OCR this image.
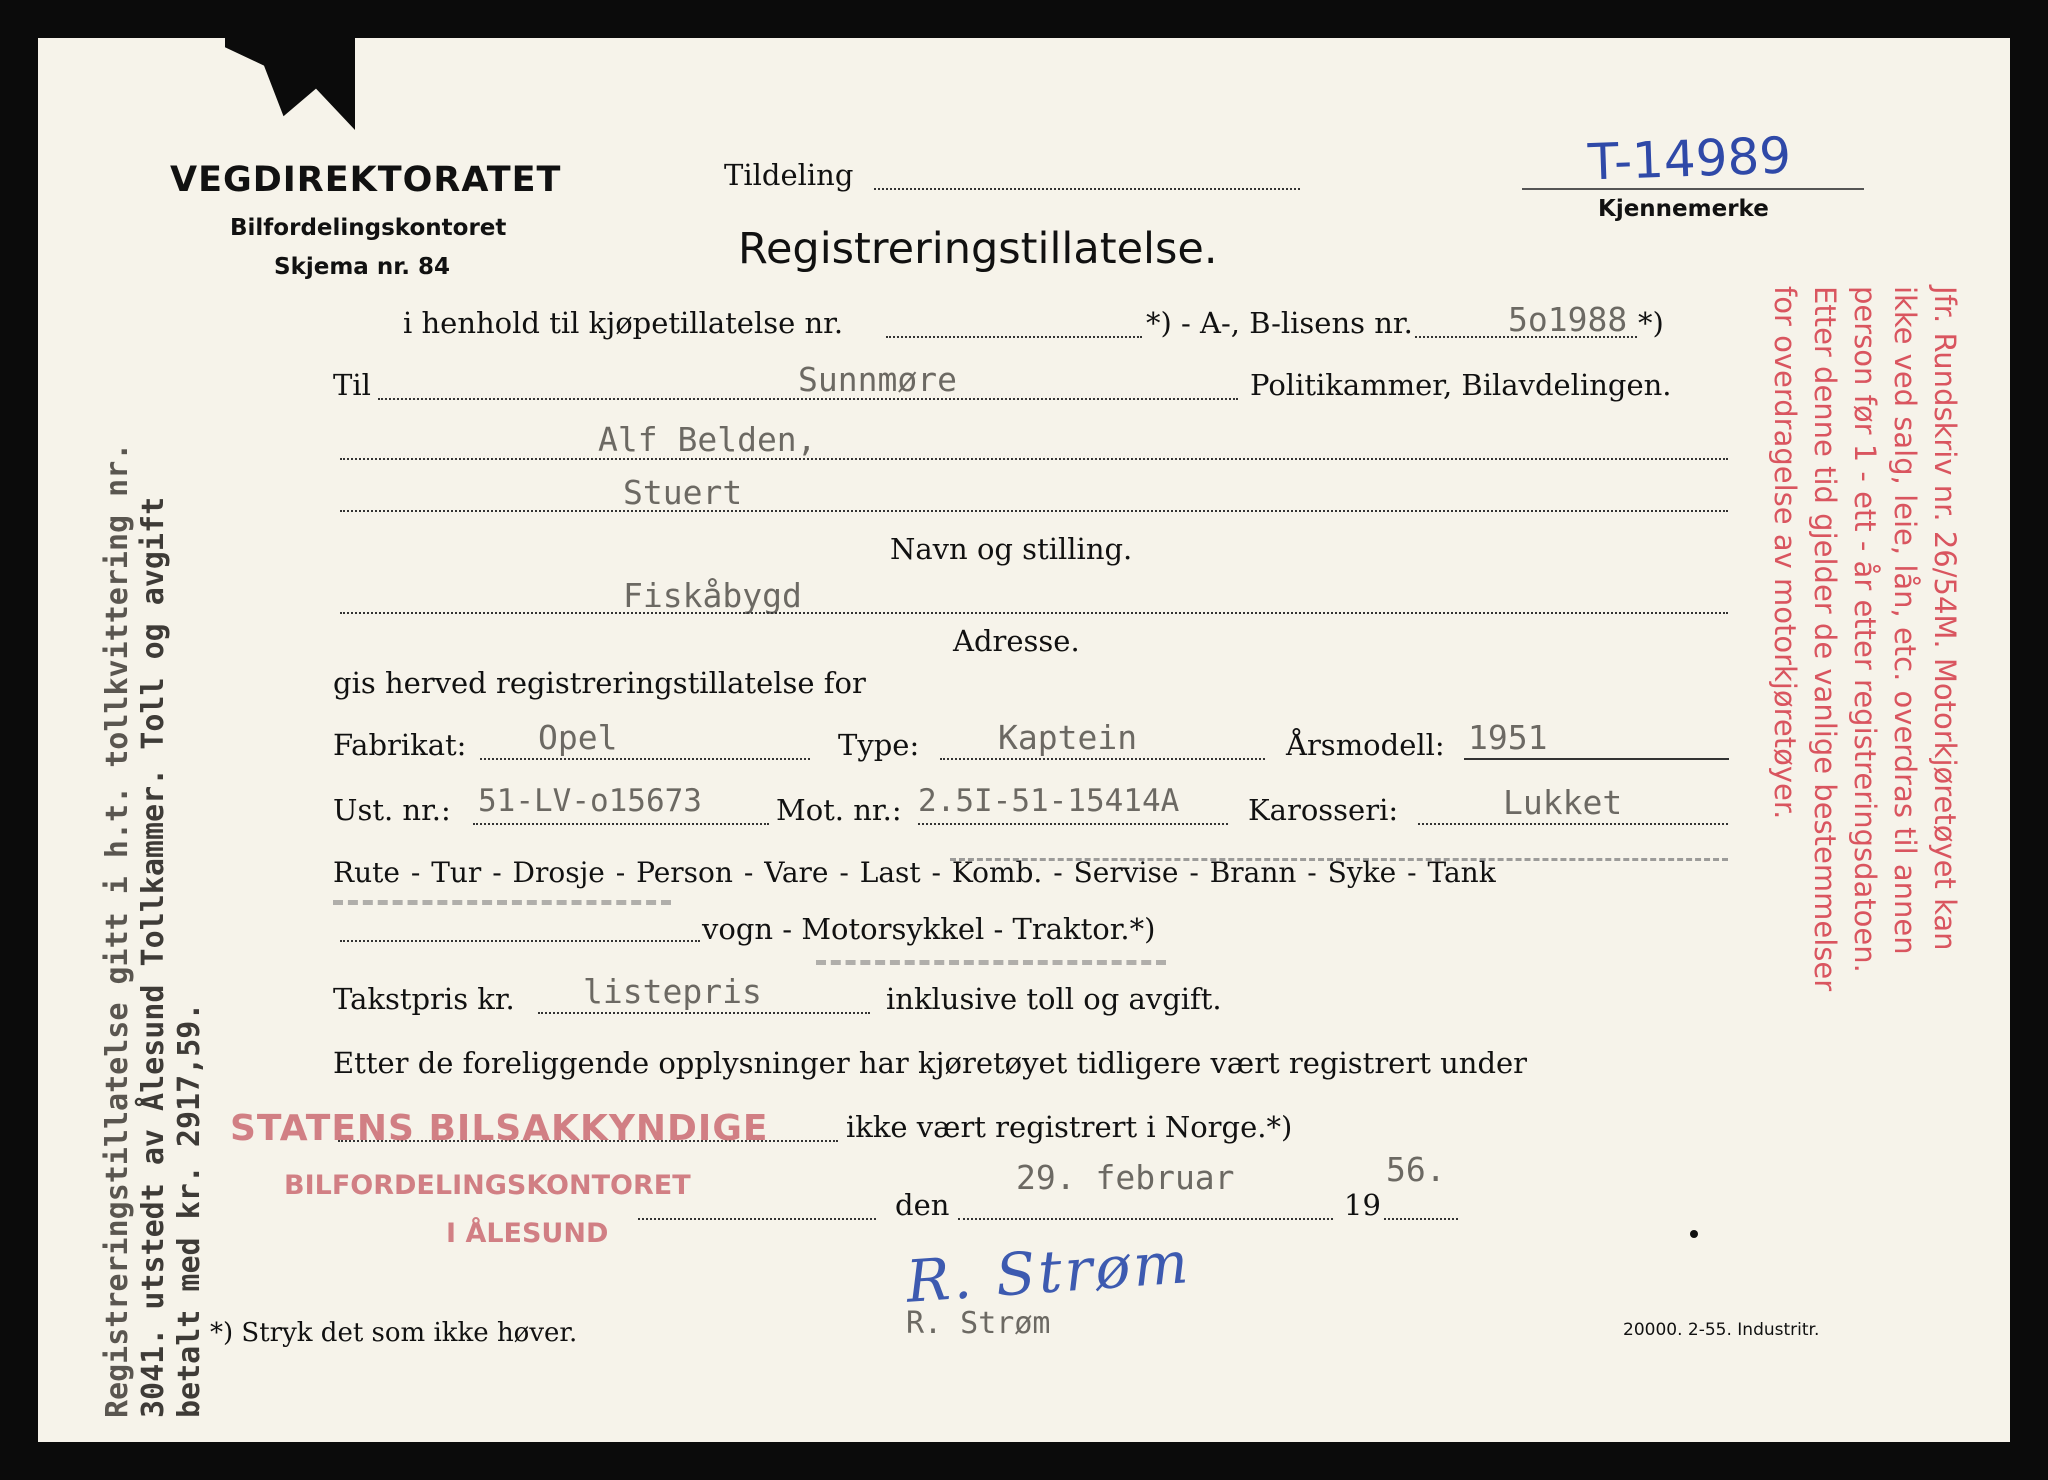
VEGDIREKTORATET
Bilfordelingskontoret
Skjema nr. 84
Tildeling	T-14989
Kjennemerke
Registreringstillatelse.
i henhold til kjøpetillatelse nr.	*) - A-, B-lisens nr.	5o1988 *)
Til	Sunnmøre	Politikammer, Bilavdelingen.
Alf Belden,
Stuert
Navn og stilling.
Fiskåbygd
Adresse.
gis herved registreringstillatelse for
Fabrikat: Opel	Type: Kaptein	Årsmodell: 1951
Ust. nr.: 51-LV-o15673	Mot. nr.: 2.5I-51-15414A Karosseri:	Lukket
Rute - Tur - Drosje - Person - Vare - Last - Komb. - Servise - Brann - Syke - Tank
vogn - Motorsykkel - Traktor.*)
Takstpris kr. listepris	inklusive toll og avgift.
Etter de foreliggende opplysninger har kjøretøyet tidligere vært registrert under
STATENS BILSAKKYNDIGE
BILFORDELINGSKONTORET
I ÅLESUND
ikke vært registrert i Norge.*)
den
29. februar
19
56.
R. Strøm
R. Strøm
*) Stryk det som ikke høver.	20000. 2-55. Industritr.
Jfr. Rundskriv nr. 26/54M. Motorkjøretøyet kan
ikke ved salg, leie, lån, etc. overdras til annen
person før 1 - ett - år etter registreringsdatoen.
Etter denne tid gjelder de vanlige bestemmelser
for overdragelse av motorkjøretøyer.
Registreringstillatelse gitt i h.t. tollkvittering nr. 3041. utstedt av Ålesund Tollkammer. Toll og avgift betalt med kr. 2917,59.
